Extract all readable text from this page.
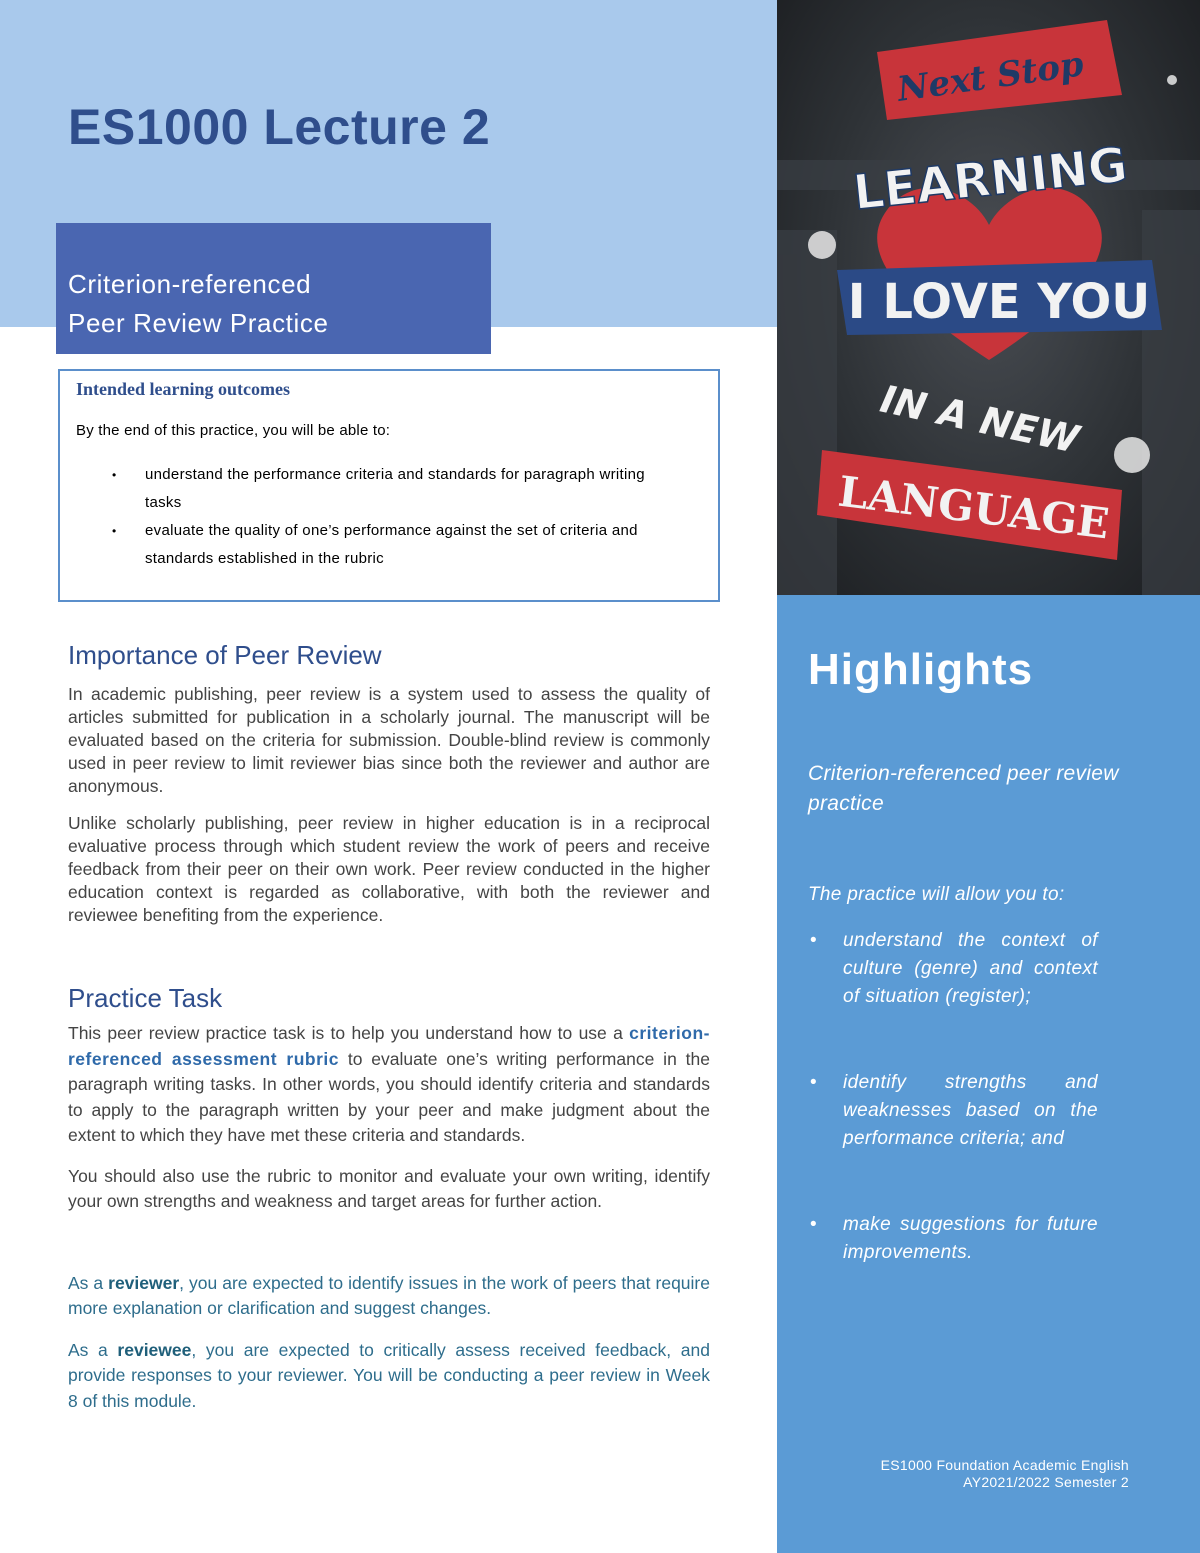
ES1000 Lecture 2
Criterion-referenced
Peer Review Practice

Intended learning outcomes

By the end of this practice, you will be able to:

• understand the performance criteria and standards for paragraph writing tasks
• evaluate the quality of one’s performance against the set of criteria and standards established in the rubric
Importance of Peer Review

In academic publishing, peer review is a system used to assess the quality of articles submitted for publication in a scholarly journal. The manuscript will be evaluated based on the criteria for submission. Double-blind review is commonly used in peer review to limit reviewer bias since both the reviewer and author are anonymous.

Unlike scholarly publishing, peer review in higher education is in a reciprocal evaluative process through which student review the work of peers and receive feedback from their peer on their own work. Peer review conducted in the higher education context is regarded as collaborative, with both the reviewer and reviewee benefiting from the experience.

Practice Task

This peer review practice task is to help you understand how to use a criterion-referenced assessment rubric to evaluate one’s writing performance in the paragraph writing tasks. In other words, you should identify criteria and standards to apply to the paragraph written by your peer and make judgment about the extent to which they have met these criteria and standards.

You should also use the rubric to monitor and evaluate your own writing, identify your own strengths and weakness and target areas for further action.

As a reviewer, you are expected to identify issues in the work of peers that require more explanation or clarification and suggest changes.

As a reviewee, you are expected to critically assess received feedback, and provide responses to your reviewer. You will be conducting a peer review in Week 8 of this module.

Next Stop
LEARNING
I LOVE YOU
IN A NEW
LANGUAGE
Highlights

Criterion-referenced peer review practice

The practice will allow you to:

• understand the context of culture (genre) and context of situation (register);
• identify strengths and weaknesses based on the performance criteria; and
• make suggestions for future improvements.
ES1000 Foundation Academic English
AY2021/2022 Semester 2
